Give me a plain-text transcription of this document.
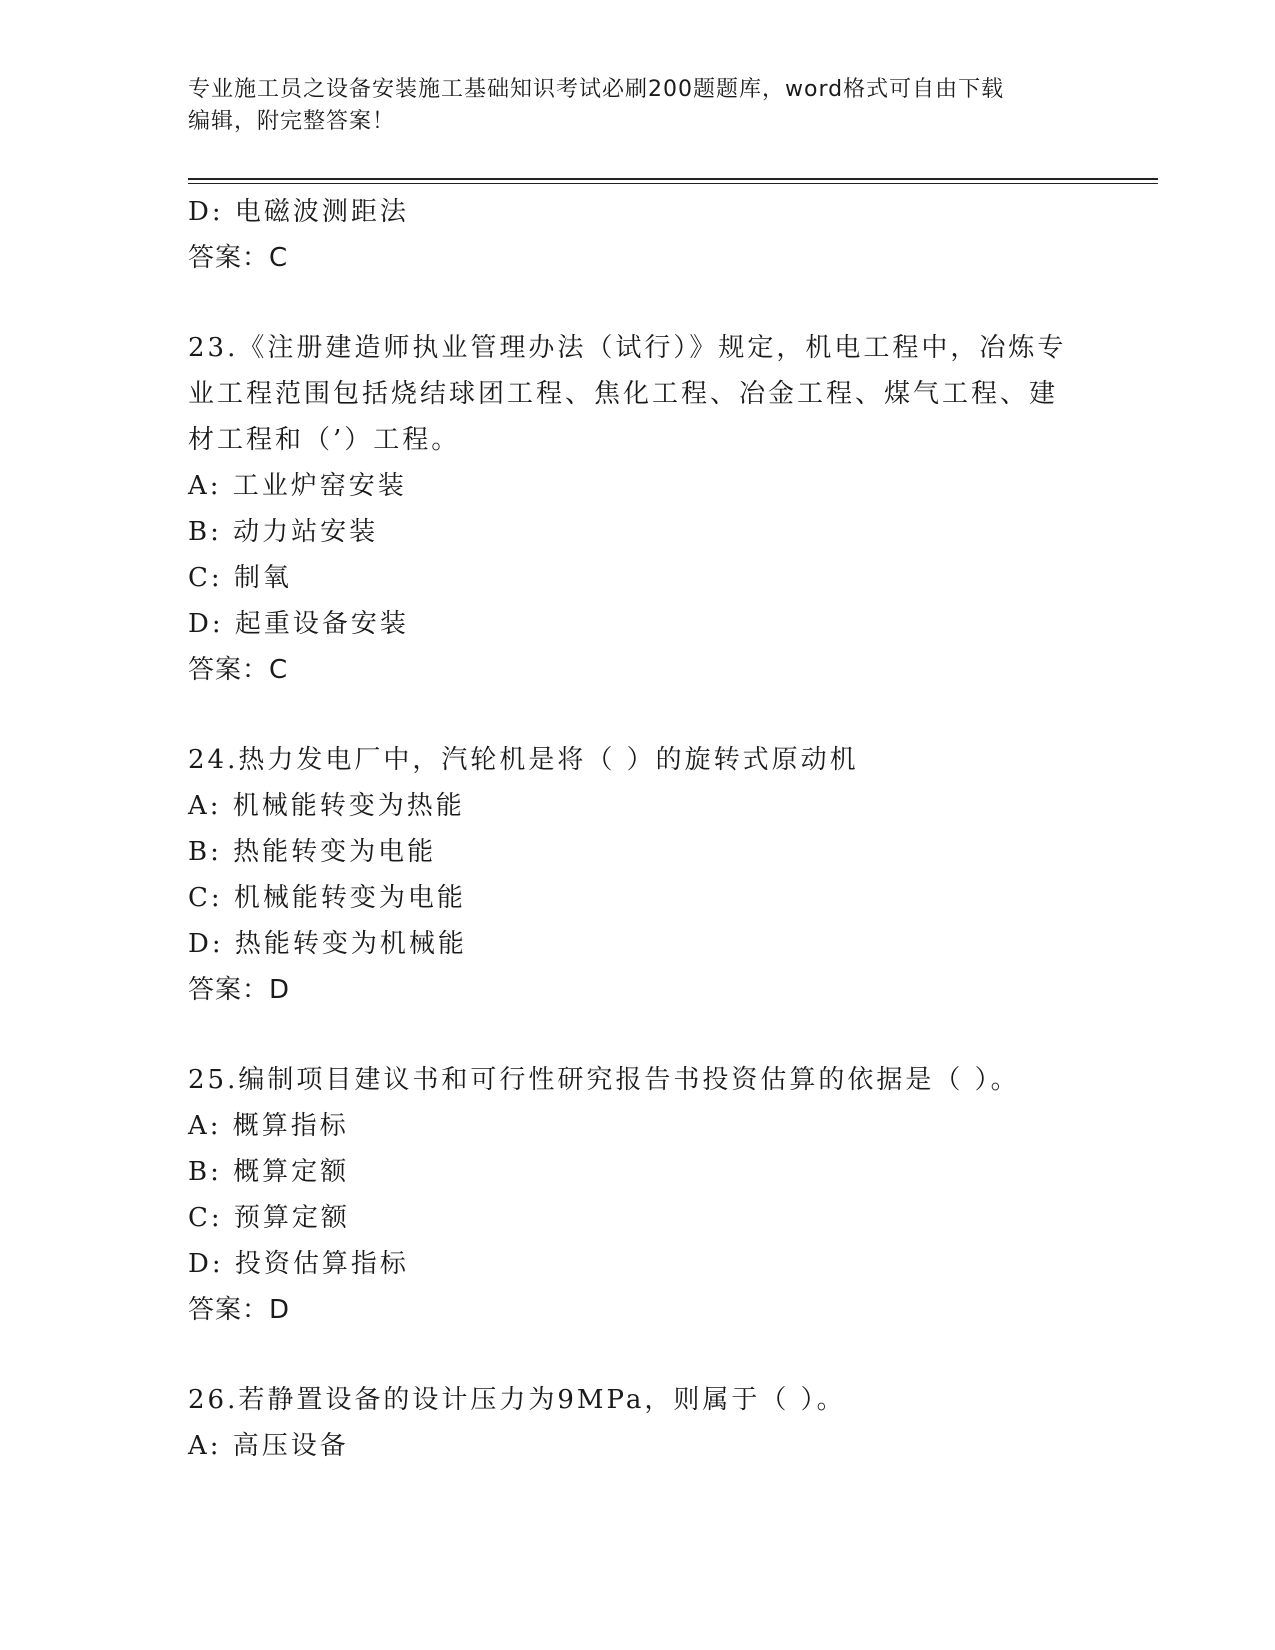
专业施工员之设备安装施工基础知识考试必刷200题题库，word格式可自由下载
编辑，附完整答案！
D: 电磁波测距法
答案：C
23.《注册建造师执业管理办法（试行）》规定，机电工程中，冶炼专
业工程范围包括烧结球团工程、焦化工程、冶金工程、煤气工程、建
材工程和（’）工程。
A: 工业炉窑安装
B: 动力站安装
C: 制氧
D: 起重设备安装
答案：C
24.热力发电厂中，汽轮机是将（ ）的旋转式原动机
A: 机械能转变为热能
B: 热能转变为电能
C: 机械能转变为电能
D: 热能转变为机械能
答案：D
25.编制项目建议书和可行性研究报告书投资估算的依据是（ ）。
A: 概算指标
B: 概算定额
C: 预算定额
D: 投资估算指标
答案：D
26.若静置设备的设计压力为9MPa，则属于（ ）。
A: 高压设备
